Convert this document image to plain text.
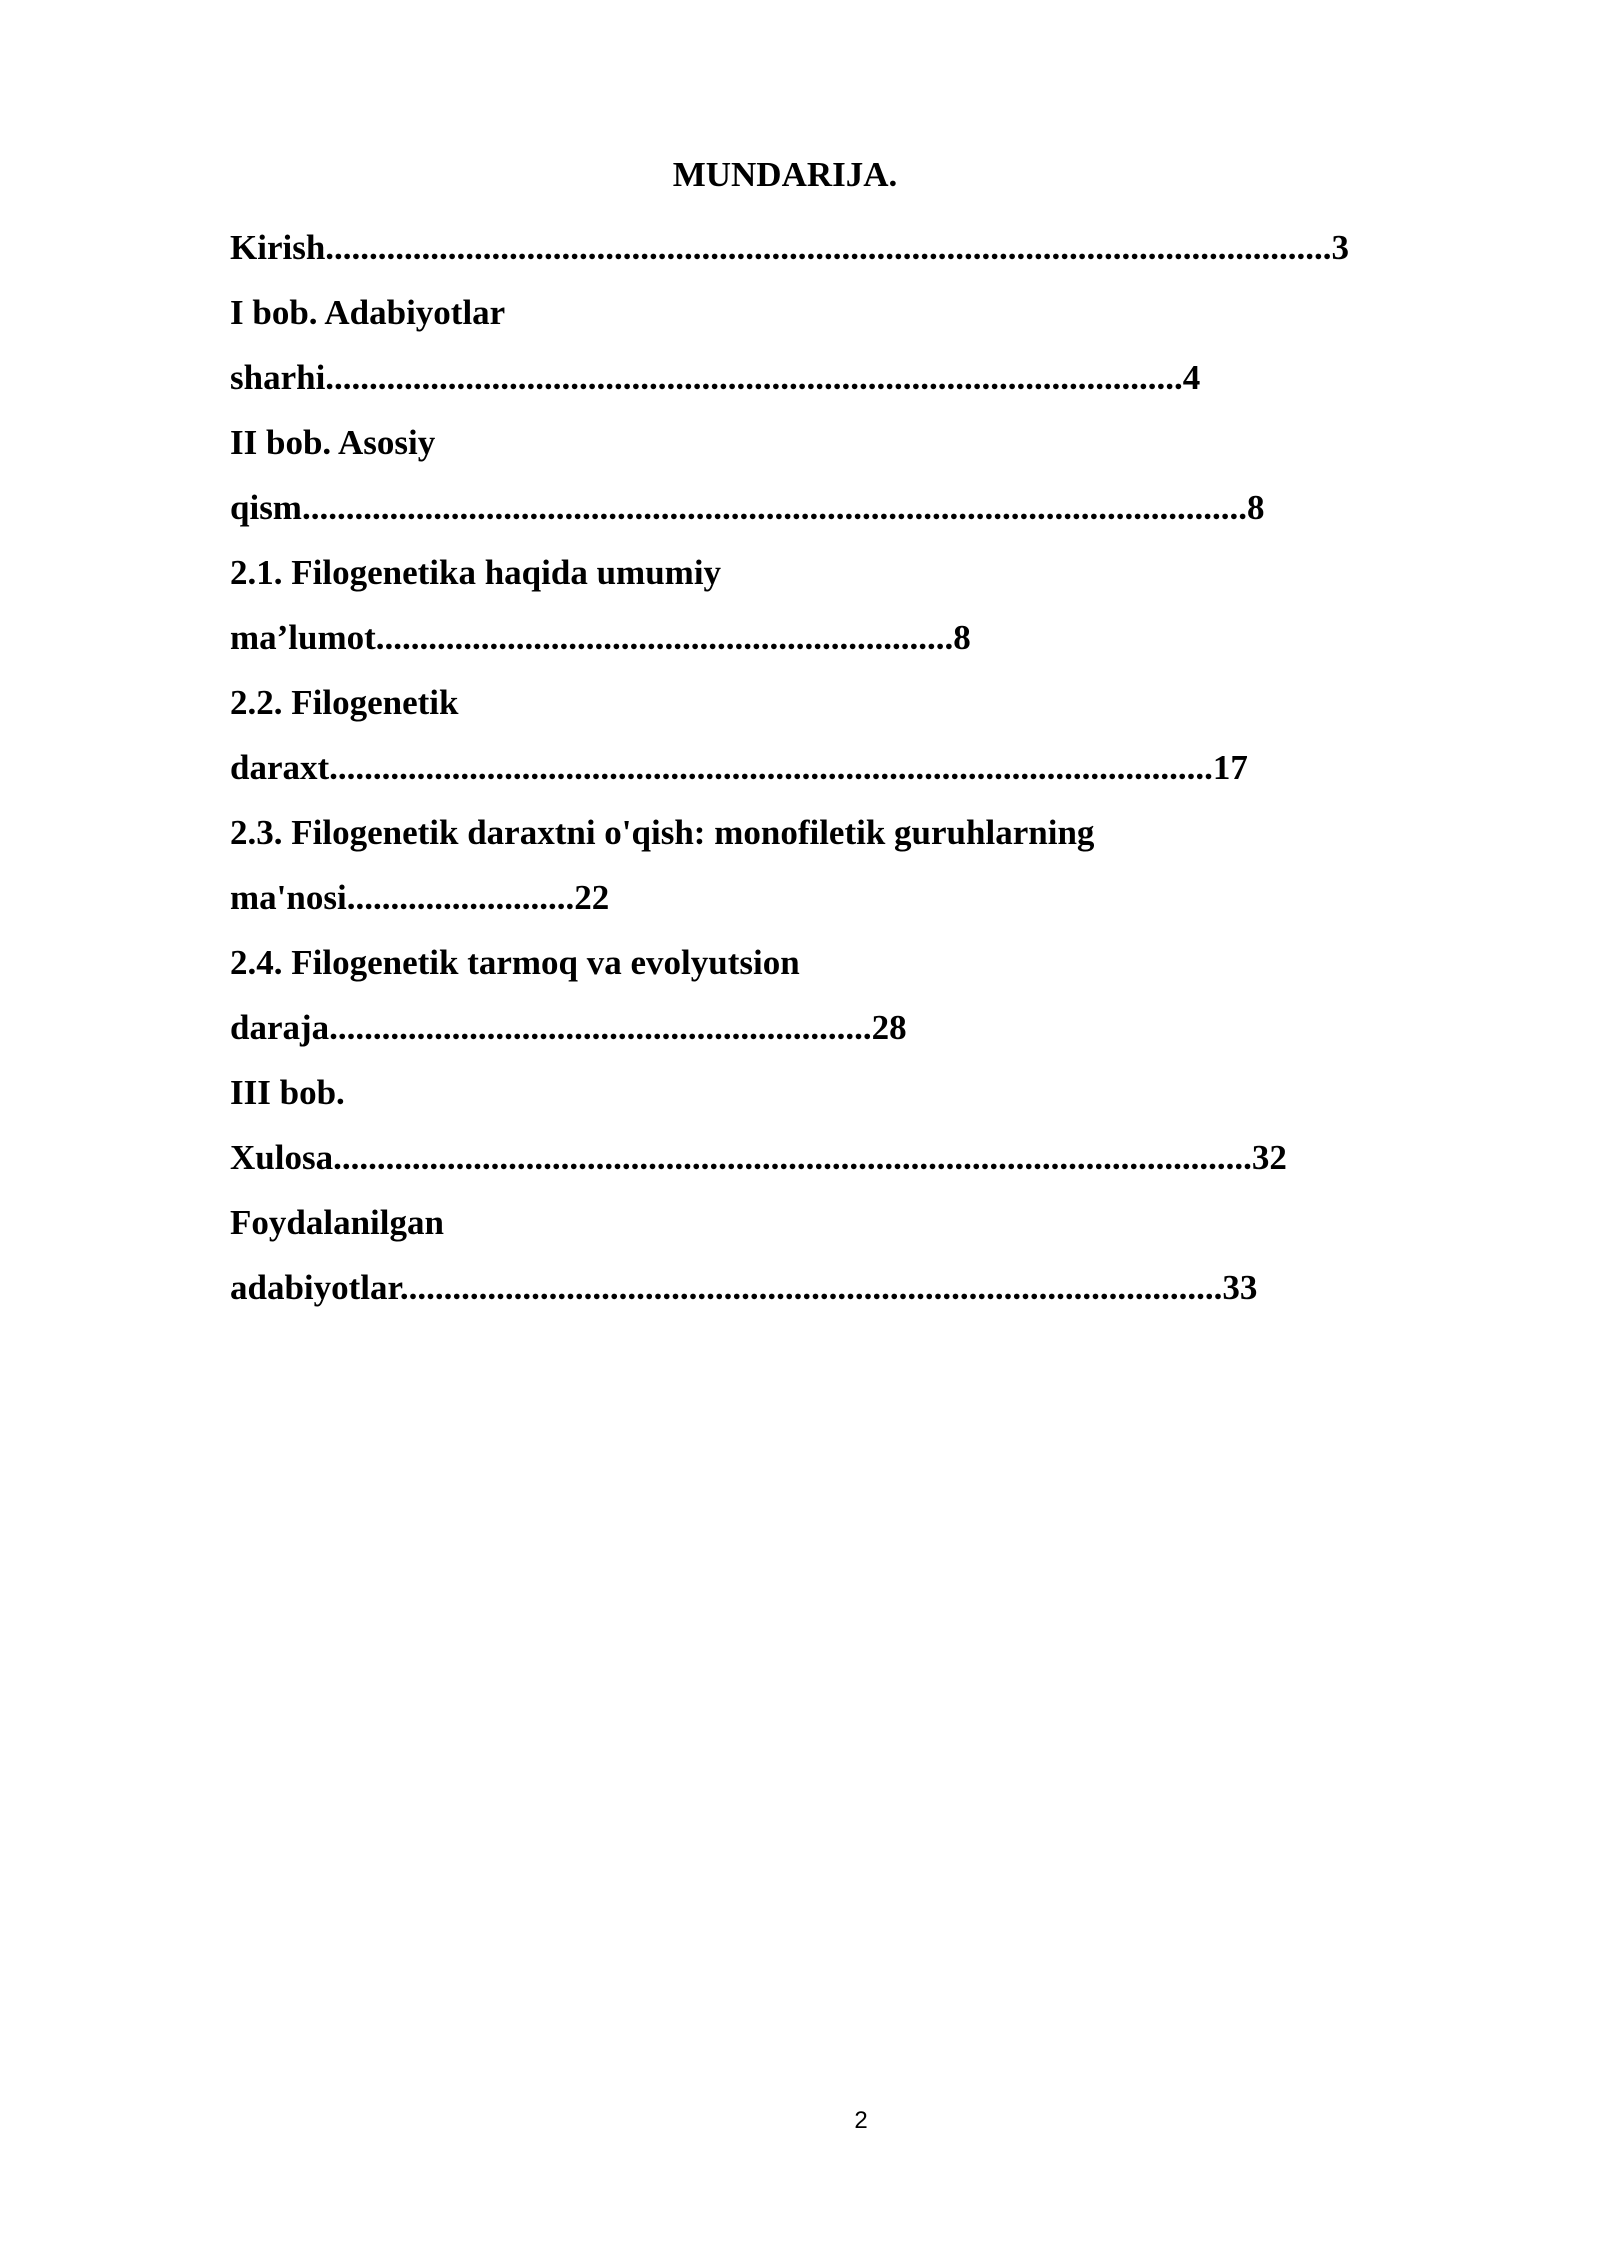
MUNDARIJA.
Kirish...................................................................................................................3
I bob. Adabiyotlar
sharhi..................................................................................................4
II bob. Asosiy
qism............................................................................................................8
2.1. Filogenetika haqida umumiy
ma’lumot..................................................................8
2.2. Filogenetik
daraxt.....................................................................................................17
2.3. Filogenetik daraxtni o'qish: monofiletik guruhlarning
ma'nosi..........................22
2.4. Filogenetik tarmoq va evolyutsion
daraja..............................................................28
III bob.
Xulosa.........................................................................................................32
Foydalanilgan
adabiyotlar..............................................................................................33
2
